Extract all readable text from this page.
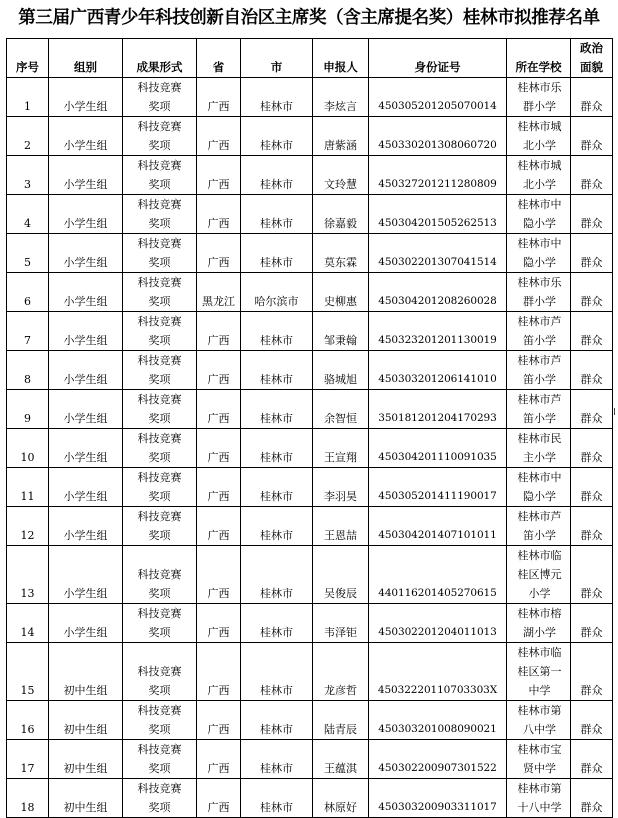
第三届广西青少年科技创新自治区主席奖（含主席提名奖）桂林市拟推荐名单
序号	组别	成果形式	省	市	申报人	身份证号	所在学校	政治面貌

1	小学生组	科技竞赛奖项	广西	桂林市	李炫言	450305201205070014	桂林市乐群小学	群众
2	小学生组	科技竞赛奖项	广西	桂林市	唐紫涵	450330201308060720	桂林市城北小学	群众
3	小学生组	科技竞赛奖项	广西	桂林市	文玲慧	450327201211280809	桂林市城北小学	群众
4	小学生组	科技竞赛奖项	广西	桂林市	徐嘉毅	450304201505262513	桂林市中隐小学	群众
5	小学生组	科技竞赛奖项	广西	桂林市	莫东霖	450302201307041514	桂林市中隐小学	群众
6	小学生组	科技竞赛奖项	黑龙江	哈尔滨市	史柳惠	450304201208260028	桂林市乐群小学	群众
7	小学生组	科技竞赛奖项	广西	桂林市	邹秉翰	450323201201130019	桂林市芦笛小学	群众
8	小学生组	科技竞赛奖项	广西	桂林市	骆城旭	450303201206141010	桂林市芦笛小学	群众
9	小学生组	科技竞赛奖项	广西	桂林市	余智恒	350181201204170293	桂林市芦笛小学	群众
10	小学生组	科技竞赛奖项	广西	桂林市	王宣翔	450304201110091035	桂林市民主小学	群众
11	小学生组	科技竞赛奖项	广西	桂林市	李羽昊	450305201411190017	桂林市中隐小学	群众
12	小学生组	科技竞赛奖项	广西	桂林市	王恩喆	450304201407101011	桂林市芦笛小学	群众
13	小学生组	科技竞赛奖项	广西	桂林市	吴俊辰	440116201405270615	桂林市临桂区博元小学	群众
14	小学生组	科技竞赛奖项	广西	桂林市	韦泽钜	450302201204011013	桂林市榕湖小学	群众
15	初中生组	科技竞赛奖项	广西	桂林市	龙彦哲	45032220110703303X	桂林市临桂区第一中学	群众
16	初中生组	科技竞赛奖项	广西	桂林市	陆青辰	450303201008090021	桂林市第八中学	群众
17	初中生组	科技竞赛奖项	广西	桂林市	王蕴淇	450302200907301522	桂林市宝贤中学	群众
18	初中生组	科技竞赛奖项	广西	桂林市	林原好	450303200903311017	桂林市第十八中学	群众
